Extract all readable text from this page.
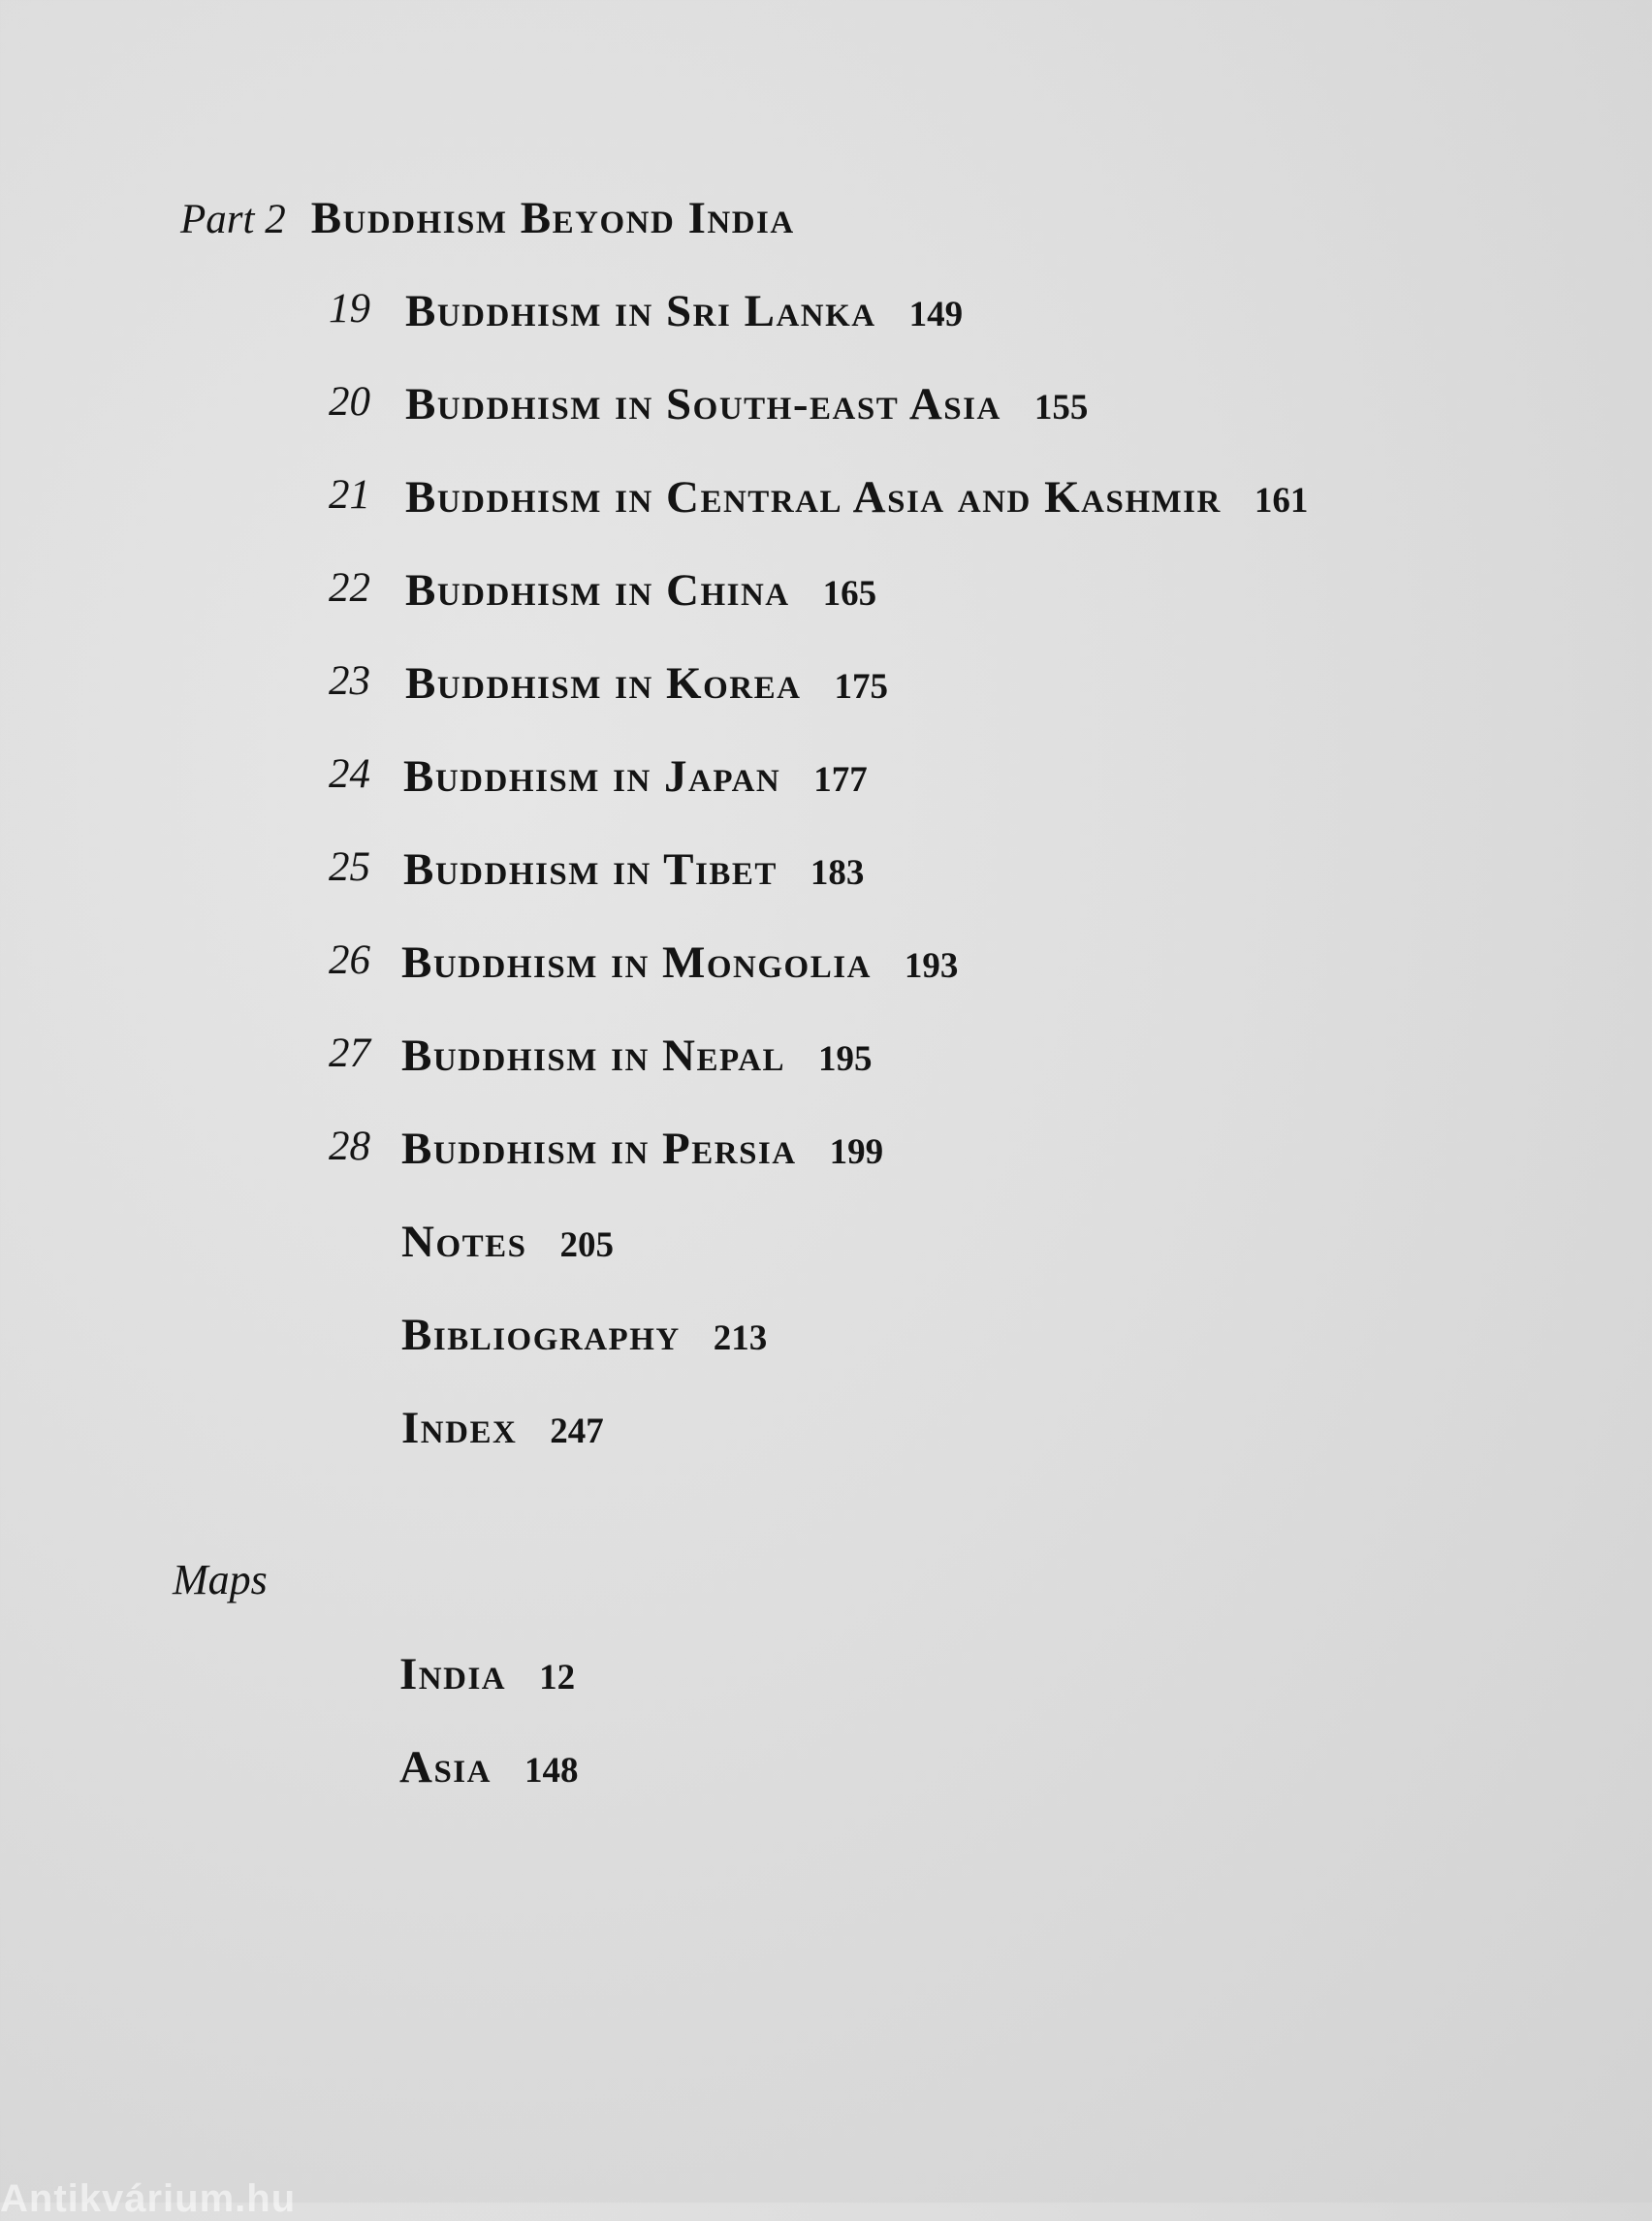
Part 2 Buddhism Beyond India
19 Buddhism in Sri Lanka 149
20 Buddhism in South-east Asia 155
21 Buddhism in Central Asia and Kashmir 161
22 Buddhism in China 165
23 Buddhism in Korea 175
24 Buddhism in Japan 177
25 Buddhism in Tibet 183
26 Buddhism in Mongolia 193
27 Buddhism in Nepal 195
28 Buddhism in Persia 199
Notes 205
Bibliography 213
Index 247
Maps
India 12
Asia 148
Antikvárium.hu
